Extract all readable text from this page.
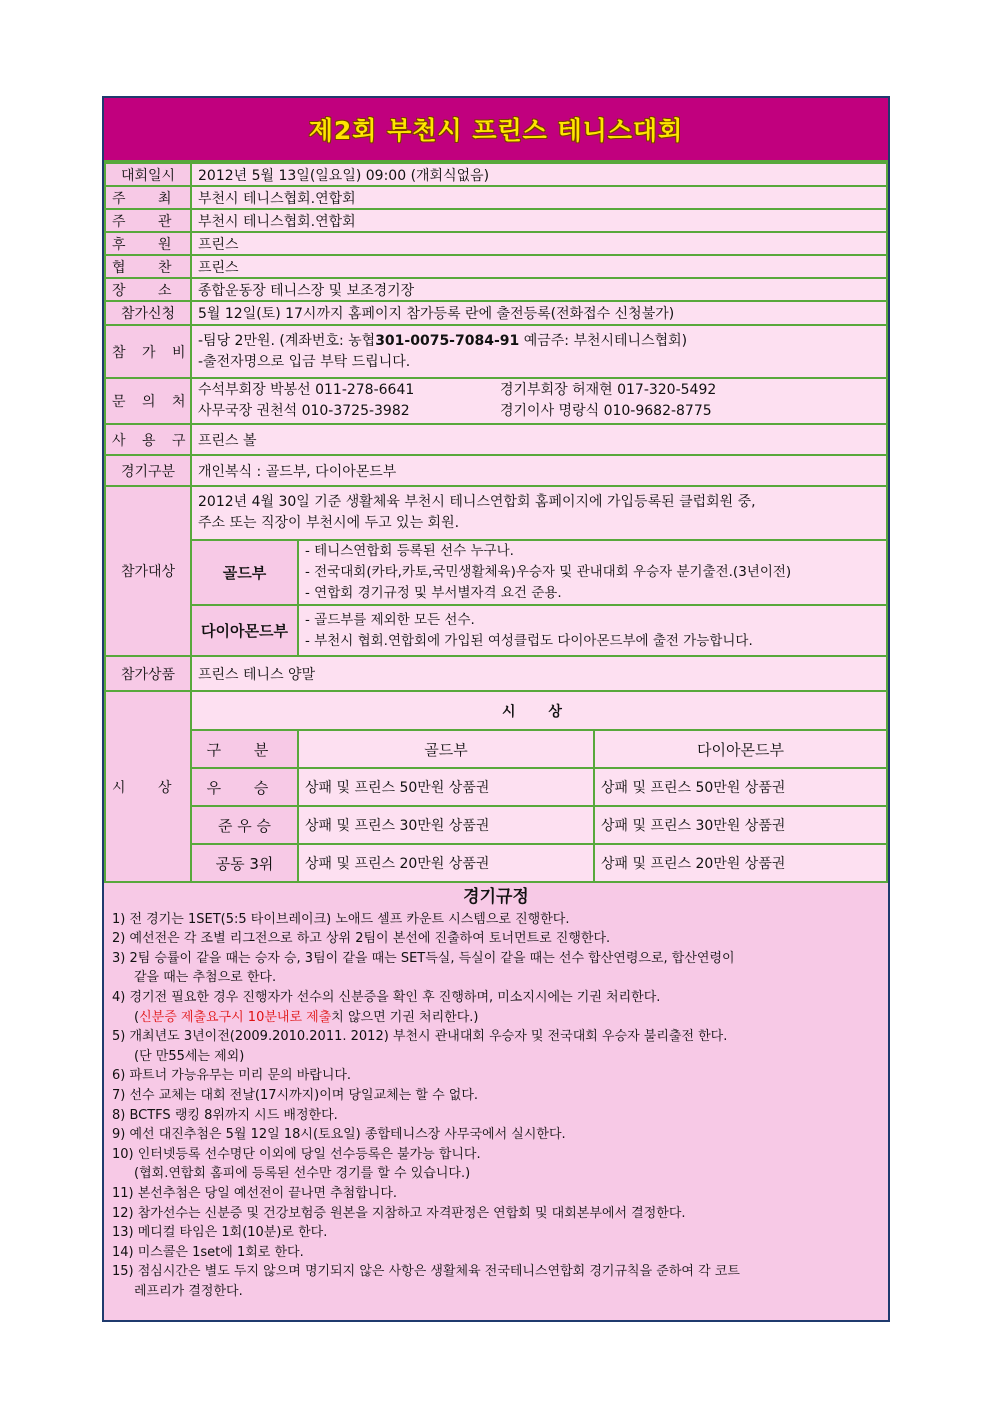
제2회 부천시 프린스 테니스대회
대회일시	2012년 5월 13일(일요일) 09:00 (개회식없음)		
주 최	부천시 테니스협회.연합회		
주 관	부천시 테니스협회.연합회		
후 원	프린스		
협 찬	프린스		
장 소	종합운동장 테니스장 및 보조경기장		
참가신청	5월 12일(토) 17시까지 홈페이지 참가등록 란에 출전등록(전화접수 신청불가)		
참 가 비	-팀당 2만원. (계좌번호: 농협301-0075-7084-91 예금주: 부천시테니스협회)
-출전자명으로 입금 부탁 드립니다.		

문 의 처	수석부회장 박봉선 011-278-6641 경기부회장 허재현 017-320-5492
사무국장 권천석 010-3725-3982 경기이사 명랑식 010-9682-8775		

사 용 구	프린스 볼		
경기구분	개인복식 : 골드부, 다이아몬드부		
참가대상	2012년 4월 30일 기준 생활체육 부천시 테니스연합회 홈페이지에 가입등록된 클럽회원 중,
주소 또는 직장이 부천시에 두고 있는 회원.		

	골드부	- 테니스연합회 등록된 선수 누구나.
- 전국대회(카타,카토,국민생활체육)우승자 및 관내대회 우승자 분기출전.(3년이전)
- 연합회 경기규정 및 부서별자격 요건 준용.	

	다이아몬드부	- 골드부를 제외한 모든 선수.
- 부천시 협회.연합회에 가입된 여성클럽도 다이아몬드부에 출전 가능합니다.	

참가상품	프린스 테니스 양말		
시 상	시 상		
	구 분	골드부	다이아몬드부
	우 승	상패 및 프린스 50만원 상품권	상패 및 프린스 50만원 상품권
	준 우 승	상패 및 프린스 30만원 상품권	상패 및 프린스 30만원 상품권
	공동 3위	상패 및 프린스 20만원 상품권	상패 및 프린스 20만원 상품권
경기규정
1) 전 경기는 1SET(5:5 타이브레이크) 노애드 셀프 카운트 시스템으로 진행한다.
2) 예선전은 각 조별 리그전으로 하고 상위 2팀이 본선에 진출하여 토너먼트로 진행한다.
3) 2팀 승률이 같을 때는 승자 승, 3팀이 같을 때는 SET득실, 득실이 같을 때는 선수 합산연령으로, 합산연령이
같을 때는 추첨으로 한다.
4) 경기전 필요한 경우 진행자가 선수의 신분증을 확인 후 진행하며, 미소지시에는 기권 처리한다.
(신분증 제출요구시 10분내로 제출치 않으면 기권 처리한다.)
5) 개최년도 3년이전(2009.2010.2011. 2012) 부천시 관내대회 우승자 및 전국대회 우승자 불리출전 한다.
(단 만55세는 제외)
6) 파트너 가능유무는 미리 문의 바랍니다.
7) 선수 교체는 대회 전날(17시까지)이며 당일교체는 할 수 없다.
8) BCTFS 랭킹 8위까지 시드 배정한다.
9) 예선 대진추첨은 5월 12일 18시(토요일) 종합테니스장 사무국에서 실시한다.
10) 인터넷등록 선수명단 이외에 당일 선수등록은 불가능 합니다.
(협회.연합회 홈피에 등록된 선수만 경기를 할 수 있습니다.)
11) 본선추첨은 당일 예선전이 끝나면 추첨합니다.
12) 참가선수는 신분증 및 건강보험증 원본을 지참하고 자격판정은 연합회 및 대회본부에서 결정한다.
13) 메디컬 타임은 1회(10분)로 한다.
14) 미스콜은 1set에 1회로 한다.
15) 점심시간은 별도 두지 않으며 명기되지 않은 사항은 생활체육 전국테니스연합회 경기규칙을 준하여 각 코트
레프리가 결정한다.
